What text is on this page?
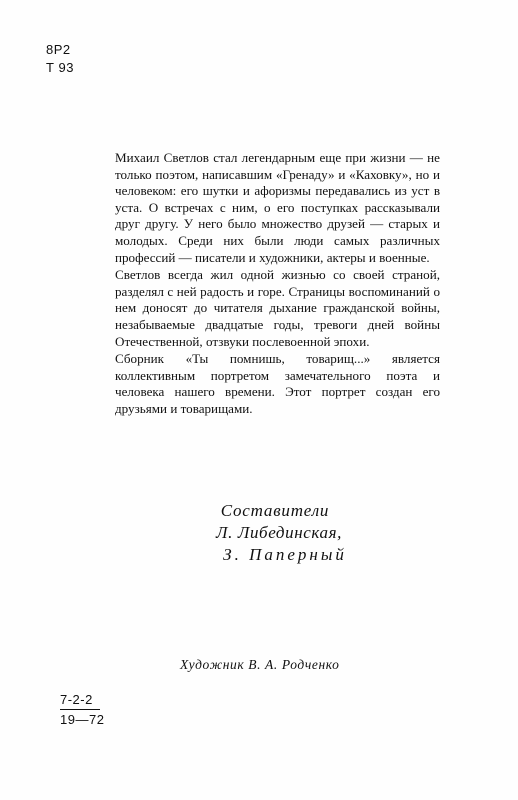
8Р2
Т 93

Михаил Светлов стал легендарным еще при жизни — не только поэтом, написавшим «Гренаду» и «Каховку», но и человеком: его шутки и афоризмы передавались из уст в уста. О встречах с ним, о его поступках рассказывали друг другу. У него было множество друзей — старых и молодых. Среди них были люди самых различных профессий — писатели и художники, актеры и военные.

Светлов всегда жил одной жизнью со своей страной, разделял с ней радость и горе. Страницы воспоминаний о нем доносят до читателя дыхание гражданской войны, незабываемые двадцатые годы, тревоги дней войны Отечественной, отзвуки послевоенной эпохи.

Сборник «Ты помнишь, товарищ...» является коллективным портретом замечательного поэта и человека нашего времени. Этот портрет создан его друзьями и товарищами.

Составители
Л. Либединская,
З. Паперный
Художник В. А. Родченко
$\frac{7-2-2}{19—72}$
